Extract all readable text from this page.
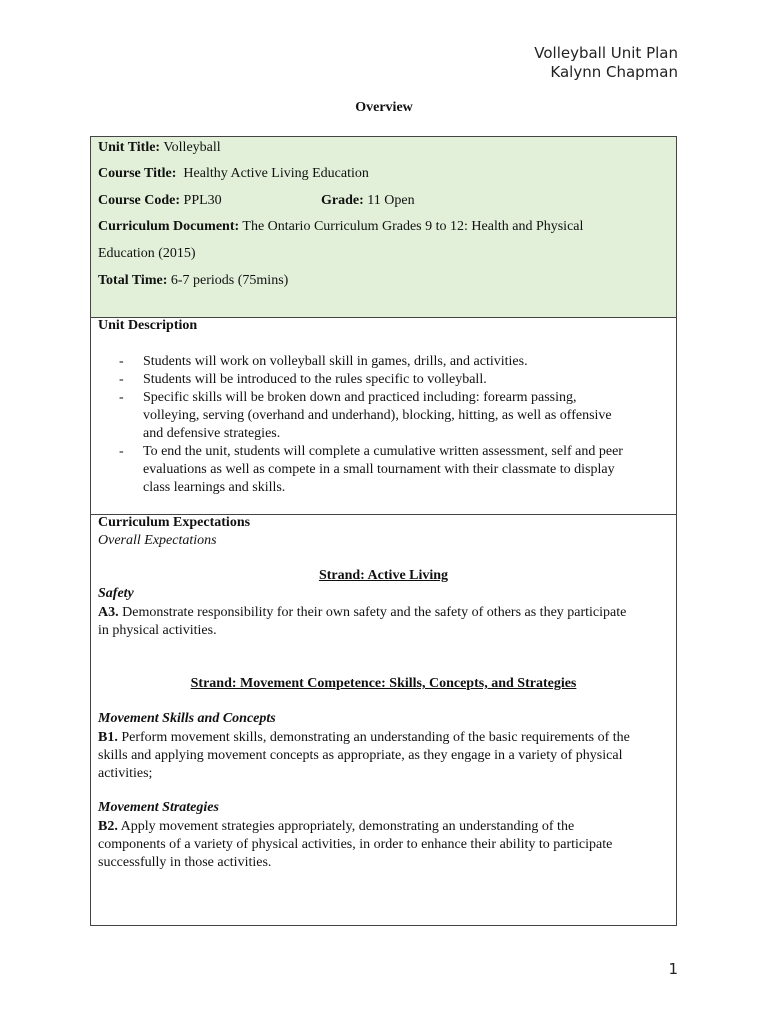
Volleyball Unit Plan
Kalynn Chapman
Overview
Unit Title: Volleyball
Course Title: Healthy Active Living Education
Course Code: PPL30	Grade: 11 Open
Curriculum Document: The Ontario Curriculum Grades 9 to 12: Health and Physical
Education (2015)
Total Time: 6-7 periods (75mins)
Unit Description
- Students will work on volleyball skill in games, drills, and activities.
- Students will be introduced to the rules specific to volleyball.
- Specific skills will be broken down and practiced including: forearm passing,
volleying, serving (overhand and underhand), blocking, hitting, as well as offensive
and defensive strategies.
- To end the unit, students will complete a cumulative written assessment, self and peer
evaluations as well as compete in a small tournament with their classmate to display
class learnings and skills.
Curriculum Expectations
Overall Expectations
Strand: Active Living
Safety
A3. Demonstrate responsibility for their own safety and the safety of others as they participate
in physical activities.
Strand: Movement Competence: Skills, Concepts, and Strategies
Movement Skills and Concepts
B1. Perform movement skills, demonstrating an understanding of the basic requirements of the
skills and applying movement concepts as appropriate, as they engage in a variety of physical
activities;
Movement Strategies
B2. Apply movement strategies appropriately, demonstrating an understanding of the
components of a variety of physical activities, in order to enhance their ability to participate
successfully in those activities.
1
